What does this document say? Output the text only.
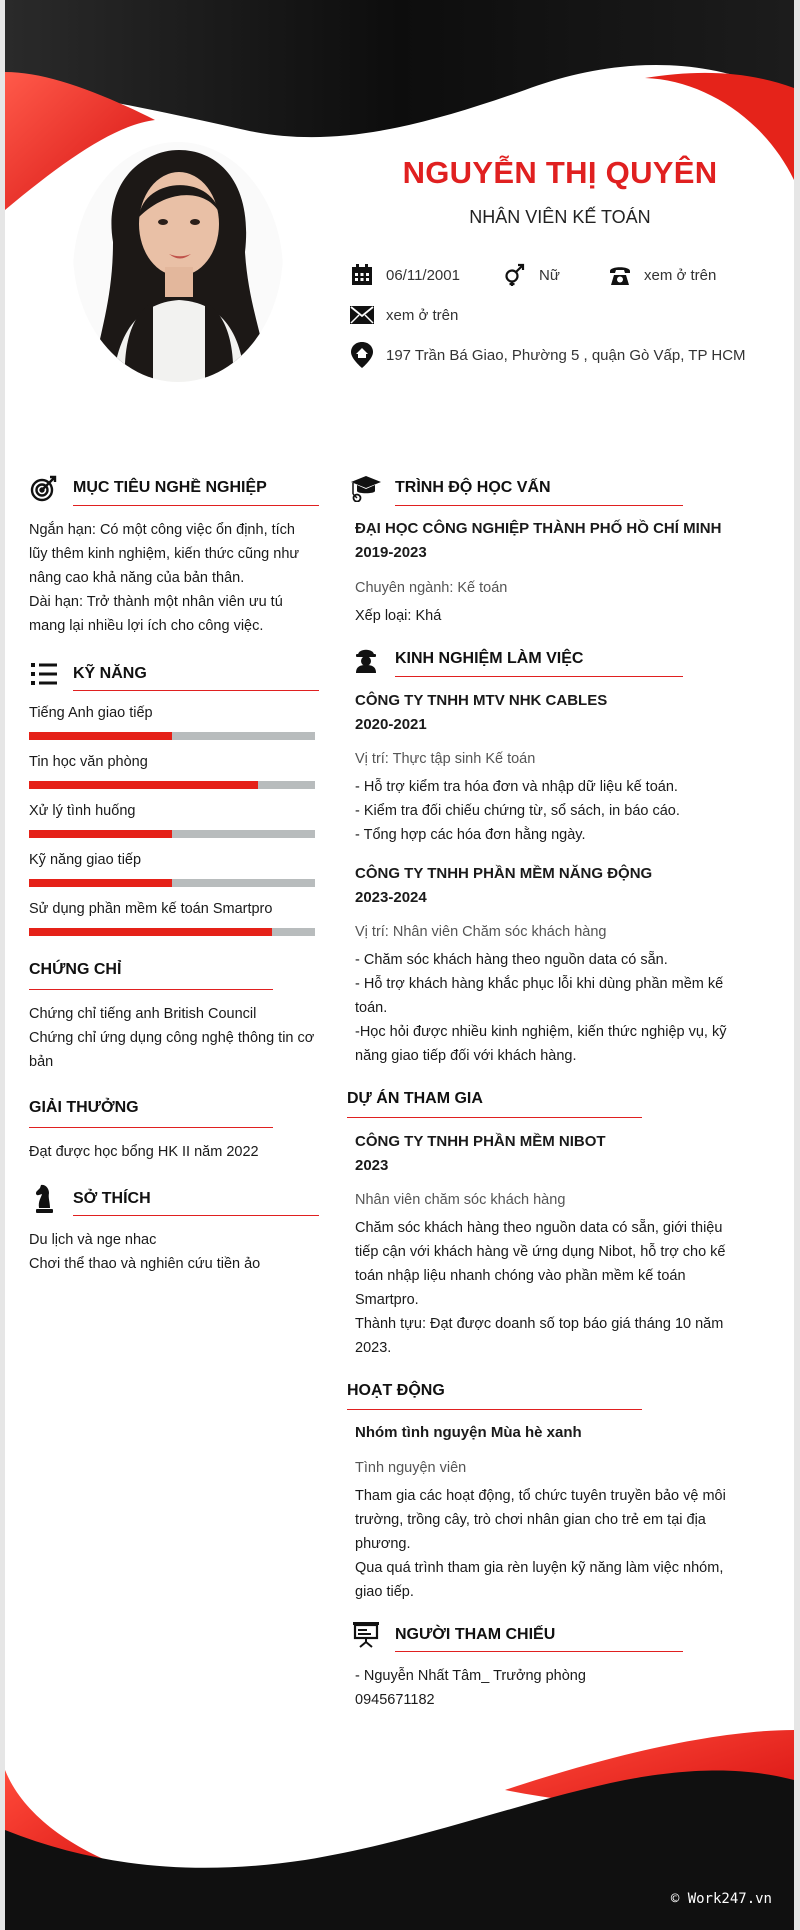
NGUYỄN THỊ QUYÊN
NHÂN VIÊN KẾ TOÁN
06/11/2001	Nữ	xem ở trên
xem ở trên
197 Trần Bá Giao, Phường 5 , quận Gò Vấp, TP HCM
MỤC TIÊU NGHỀ NGHIỆP
Ngắn hạn: Có một công việc ổn định, tích
lũy thêm kinh nghiệm, kiến thức cũng như
nâng cao khả năng của bản thân.
Dài hạn: Trở thành một nhân viên ưu tú
mang lại nhiều lợi ích cho công việc.
KỸ NĂNG
Tiếng Anh giao tiếp
Tin học văn phòng
Xử lý tình huống
Kỹ năng giao tiếp
Sử dụng phần mềm kế toán Smartpro
CHỨNG CHỈ
Chứng chỉ tiếng anh British Council
Chứng chỉ ứng dụng công nghệ thông tin cơ
bản
GIẢI THƯỞNG
Đạt được học bổng HK II năm 2022
SỞ THÍCH
Du lịch và nge nhac
Chơi thể thao và nghiên cứu tiền ảo
TRÌNH ĐỘ HỌC VẤN
ĐẠI HỌC CÔNG NGHIỆP THÀNH PHỐ HỒ CHÍ MINH
2019-2023
Chuyên ngành: Kế toán
Xếp loại: Khá
KINH NGHIỆM LÀM VIỆC
CÔNG TY TNHH MTV NHK CABLES
2020-2021
Vị trí: Thực tập sinh Kế toán
- Hỗ trợ kiểm tra hóa đơn và nhập dữ liệu kế toán.
- Kiểm tra đối chiếu chứng từ, sổ sách, in báo cáo.
- Tổng hợp các hóa đơn hằng ngày.
CÔNG TY TNHH PHẦN MỀM NĂNG ĐỘNG
2023-2024
Vị trí: Nhân viên Chăm sóc khách hàng
- Chăm sóc khách hàng theo nguồn data có sẵn.
- Hỗ trợ khách hàng khắc phục lỗi khi dùng phần mềm kế
toán.
-Học hỏi được nhiều kinh nghiệm, kiến thức nghiệp vụ, kỹ
năng giao tiếp đối với khách hàng.
DỰ ÁN THAM GIA
CÔNG TY TNHH PHẦN MỀM NIBOT
2023
Nhân viên chăm sóc khách hàng
Chăm sóc khách hàng theo nguồn data có sẵn, giới thiệu
tiếp cận với khách hàng về ứng dụng Nibot, hỗ trợ cho kế
toán nhập liệu nhanh chóng vào phần mềm kế toán
Smartpro.
Thành tựu: Đạt được doanh số top báo giá tháng 10 năm
2023.
HOẠT ĐỘNG
Nhóm tình nguyện Mùa hè xanh
Tình nguyện viên
Tham gia các hoạt động, tổ chức tuyên truyền bảo vệ môi
trường, trồng cây, trò chơi nhân gian cho trẻ em tại địa
phương.
Qua quá trình tham gia rèn luyện kỹ năng làm việc nhóm,
giao tiếp.
NGƯỜI THAM CHIẾU
- Nguyễn Nhất Tâm_ Trưởng phòng
0945671182
© Work247.vn
